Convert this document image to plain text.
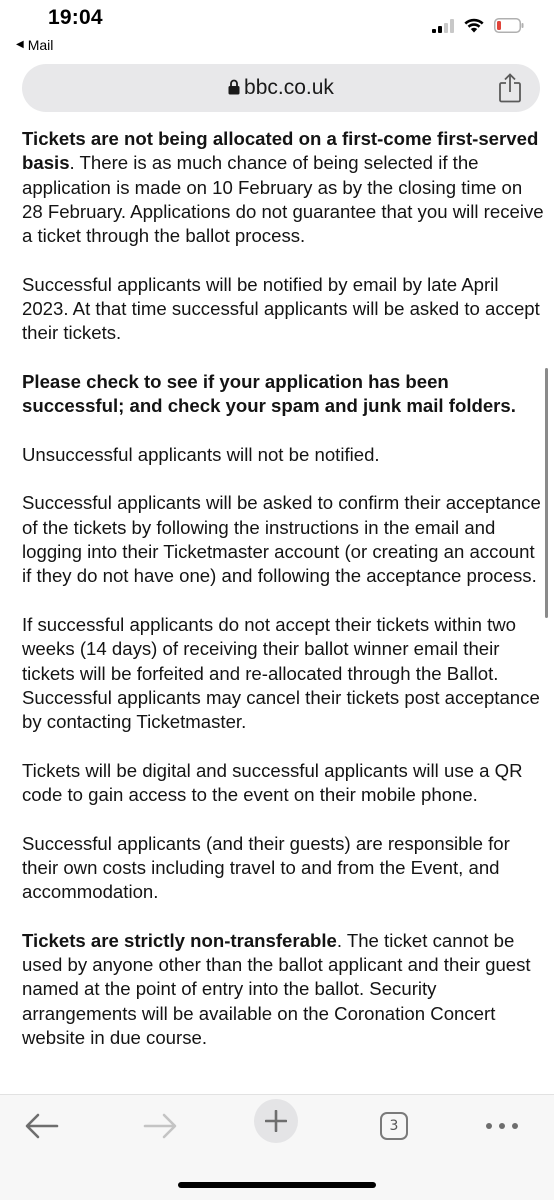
19:04
◀ Mail
bbc.co.uk

Tickets are not being allocated on a first-come first-served basis. There is as much chance of being selected if the application is made on 10 February as by the closing time on 28 February. Applications do not guarantee that you will receive a ticket through the ballot process.

Successful applicants will be notified by email by late April 2023. At that time successful applicants will be asked to accept their tickets.

Please check to see if your application has been successful; and check your spam and junk mail folders.

Unsuccessful applicants will not be notified.

Successful applicants will be asked to confirm their acceptance of the tickets by following the instructions in the email and logging into their Ticketmaster account (or creating an account if they do not have one) and following the acceptance process.

If successful applicants do not accept their tickets within two weeks (14 days) of receiving their ballot winner email their tickets will be forfeited and re-allocated through the Ballot. Successful applicants may cancel their tickets post acceptance by contacting Ticketmaster.

Tickets will be digital and successful applicants will use a QR code to gain access to the event on their mobile phone.

Successful applicants (and their guests) are responsible for their own costs including travel to and from the Event, and accommodation.

Tickets are strictly non-transferable. The ticket cannot be used by anyone other than the ballot applicant and their guest named at the point of entry into the ballot. Security arrangements will be available on the Coronation Concert website in due course.

3
